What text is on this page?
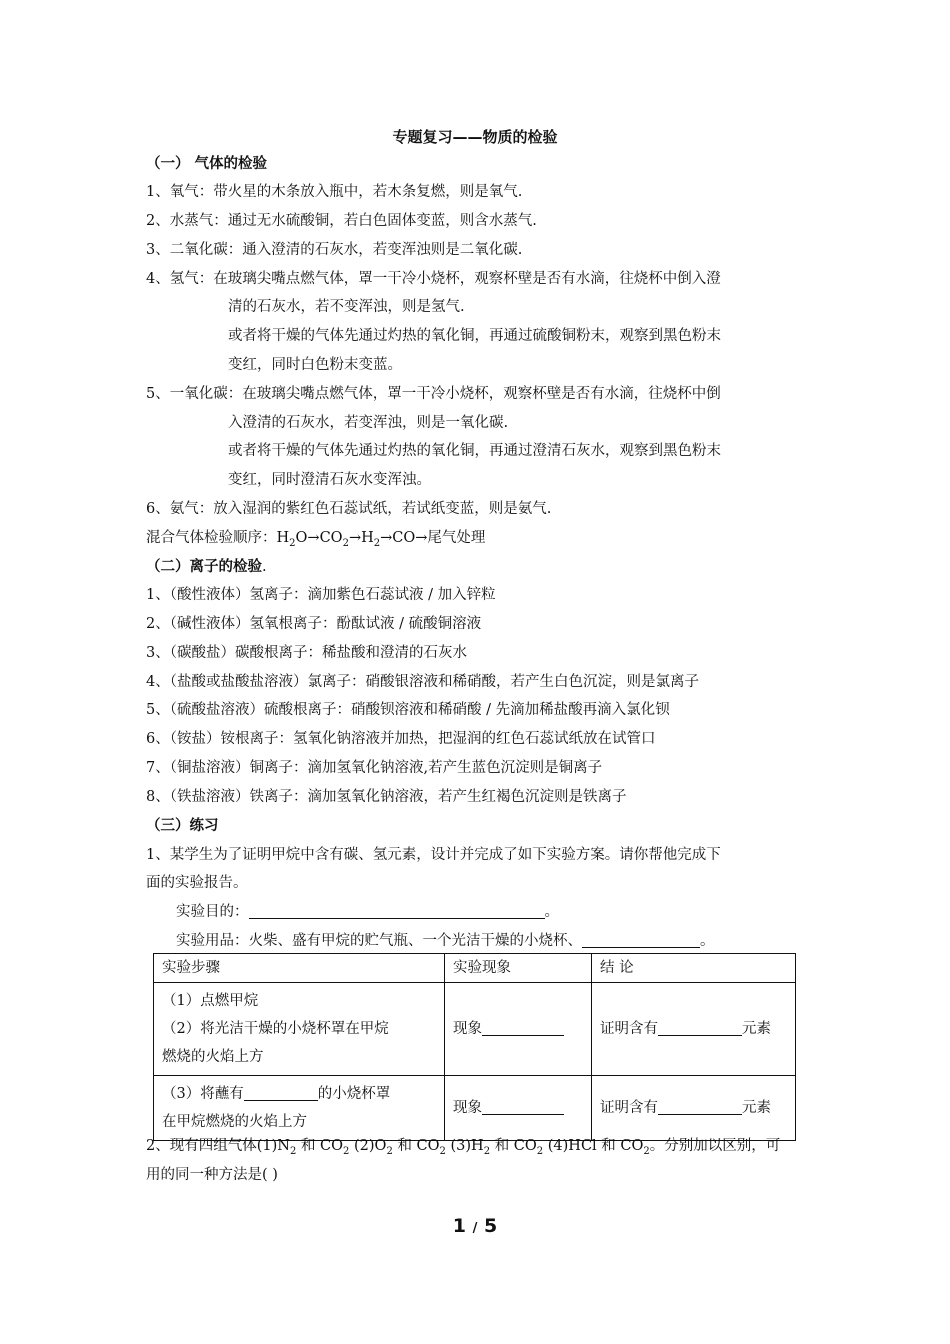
专题复习——物质的检验
（一） 气体的检验
1、氧气：带火星的木条放入瓶中，若木条复燃，则是氧气.
2、水蒸气：通过无水硫酸铜，若白色固体变蓝，则含水蒸气.
3、二氧化碳：通入澄清的石灰水，若变浑浊则是二氧化碳.
4、氢气：在玻璃尖嘴点燃气体，罩一干冷小烧杯，观察杯壁是否有水滴，往烧杯中倒入澄
清的石灰水，若不变浑浊，则是氢气.
或者将干燥的气体先通过灼热的氧化铜，再通过硫酸铜粉末，观察到黑色粉末
变红，同时白色粉末变蓝。
5、一氧化碳：在玻璃尖嘴点燃气体，罩一干冷小烧杯，观察杯壁是否有水滴，往烧杯中倒
入澄清的石灰水，若变浑浊，则是一氧化碳.
或者将干燥的气体先通过灼热的氧化铜，再通过澄清石灰水，观察到黑色粉末
变红，同时澄清石灰水变浑浊。
6、氨气：放入湿润的紫红色石蕊试纸，若试纸变蓝，则是氨气.
混合气体检验顺序：$H_2O\to CO_2\to H_2\to CO\to$尾气处理
（二）离子的检验.
1、（酸性液体）氢离子：滴加紫色石蕊试液 / 加入锌粒
2、（碱性液体）氢氧根离子：酚酞试液 / 硫酸铜溶液
3、（碳酸盐）碳酸根离子：稀盐酸和澄清的石灰水
4、（盐酸或盐酸盐溶液）氯离子：硝酸银溶液和稀硝酸，若产生白色沉淀，则是氯离子
5、（硫酸盐溶液）硫酸根离子：硝酸钡溶液和稀硝酸 / 先滴加稀盐酸再滴入氯化钡
6、（铵盐）铵根离子：氢氧化钠溶液并加热，把湿润的红色石蕊试纸放在试管口
7、（铜盐溶液）铜离子：滴加氢氧化钠溶液,若产生蓝色沉淀则是铜离子
8、（铁盐溶液）铁离子：滴加氢氧化钠溶液，若产生红褐色沉淀则是铁离子
（三）练习
1、某学生为了证明甲烷中含有碳、氢元素，设计并完成了如下实验方案。请你帮他完成下
面的实验报告。
实验目的：	。
实验用品：火柴、盛有甲烷的贮气瓶、一个光洁干燥的小烧杯、	。
实验步骤	实验现象	结 论

（1）点燃甲烷
（2）将光洁干燥的小烧杯罩在甲烷
燃烧的火焰上方	现象	证明含有 元素

（3）将蘸有 的小烧杯罩
在甲烷燃烧的火焰上方	现象	证明含有 元素
2、现有四组气体$(1)N_2$ 和 $CO_2$ $(2)O_2$ 和 $CO_2$ $(3)H_2$ 和 $CO_2$ (4)HCl 和 $CO_2$。分别加以区别，可
用的同一种方法是( )
1 / 5
